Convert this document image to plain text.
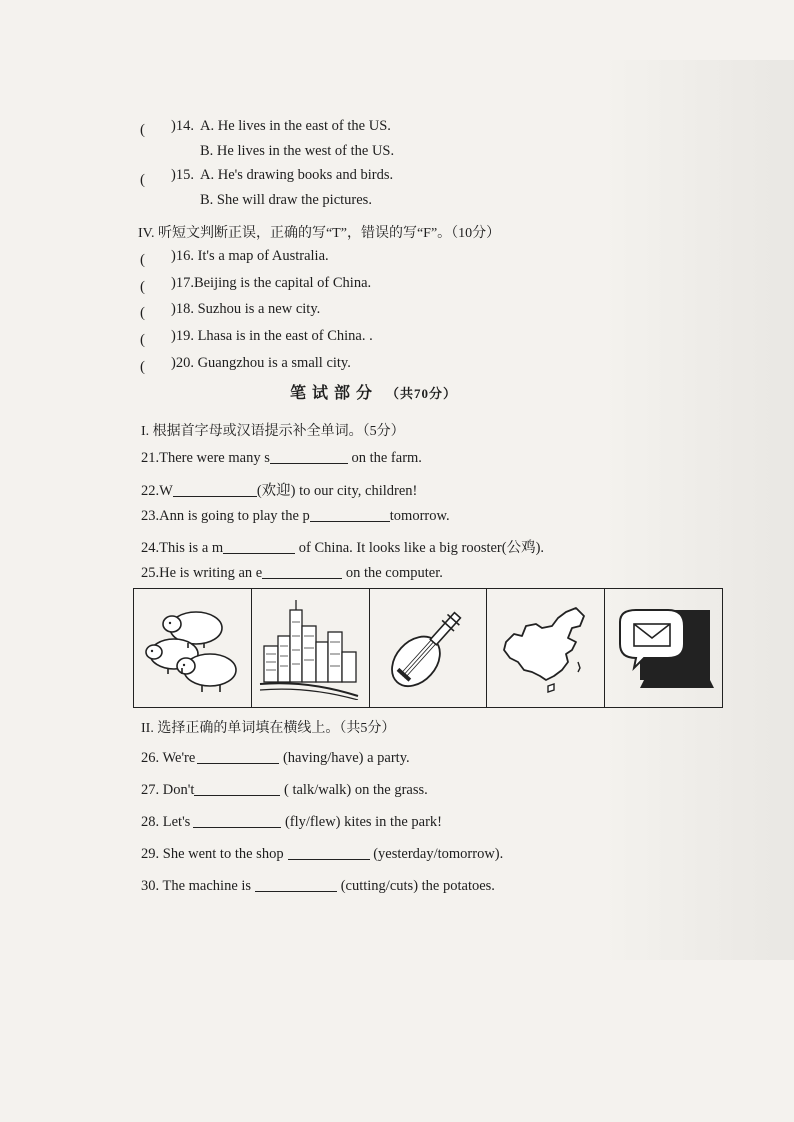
( )14. A. He lives in the east of the US.
B. He lives in the west of the US.
( )15. A. He's drawing books and birds.
B. She will draw the pictures.
IV. 听短文判断正误，正确的写“T”，错误的写“F”。（10分）
( )16. It's a map of Australia.
( )17.Beijing is the capital of China.
( )18. Suzhou is a new city.
( )19. Lhasa is in the east of China. .
( )20. Guangzhou is a small city.
笔试部分 （共70分）
I. 根据首字母或汉语提示补全单词。（5分）
21.There were many s	on the farm.
22.W	(欢迎) to our city, children!
23.Ann is going to play the p	tomorrow.
24.This is a m	of China. It looks like a big rooster(公鸡).
25.He is writing an e	on the computer.
II. 选择正确的单词填在横线上。（共5分）
26. We're	(having/have) a party.
27. Don't	( talk/walk) on the grass.
28. Let's	(fly/flew) kites in the park!
29. She went to the shop	(yesterday/tomorrow).
30. The machine is	(cutting/cuts) the potatoes.
